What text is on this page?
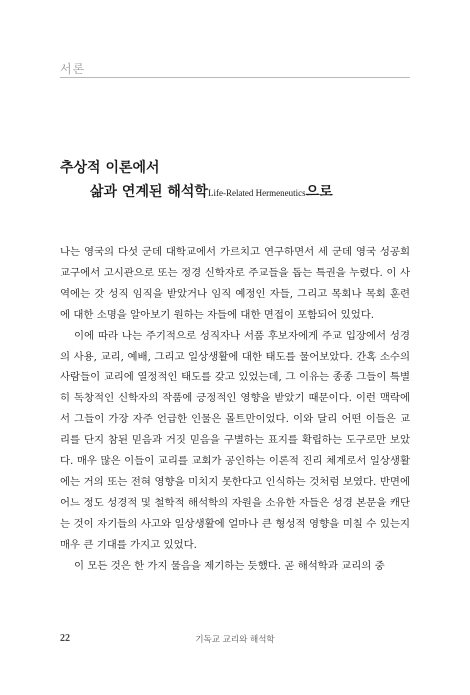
서론
추상적 이론에서
삶과 연계된 해석학Life-Related Hermeneutics으로

나는 영국의 다섯 군데 대학교에서 가르치고 연구하면서 세 군데 영국 성공회 교구에서 고시관으로 또는 정경 신학자로 주교들을 돕는 특권을 누렸다. 이 사역에는 갓 성직 임직을 받았거나 임직 예정인 자들, 그리고 목회나 목회 훈련에 대한 소명을 알아보기 원하는 자들에 대한 면접이 포함되어 있었다.

이에 따라 나는 주기적으로 성직자나 서품 후보자에게 주교 입장에서 성경의 사용, 교리, 예배, 그리고 일상생활에 대한 태도를 물어보았다. 간혹 소수의 사람들이 교리에 열정적인 태도를 갖고 있었는데, 그 이유는 종종 그들이 특별히 독창적인 신학자의 작품에 긍정적인 영향을 받았기 때문이다. 이런 맥락에서 그들이 가장 자주 언급한 인물은 몰트만이었다. 이와 달리 어떤 이들은 교리를 단지 참된 믿음과 거짓 믿음을 구별하는 표지를 확립하는 도구로만 보았다. 매우 많은 이들이 교리를 교회가 공인하는 이론적 진리 체계로서 일상생활에는 거의 또는 전혀 영향을 미치지 못한다고 인식하는 것처럼 보였다. 반면에 어느 정도 성경적 및 철학적 해석학의 자원을 소유한 자들은 성경 본문을 캐단는 것이 자기들의 사고와 일상생활에 얼마나 큰 형성적 영향을 미칠 수 있는지 매우 큰 기대를 가지고 있었다.

이 모든 것은 한 가지 물음을 제기하는 듯했다. 곧 해석학과 교리의 중

22	기독교 교리와 해석학
